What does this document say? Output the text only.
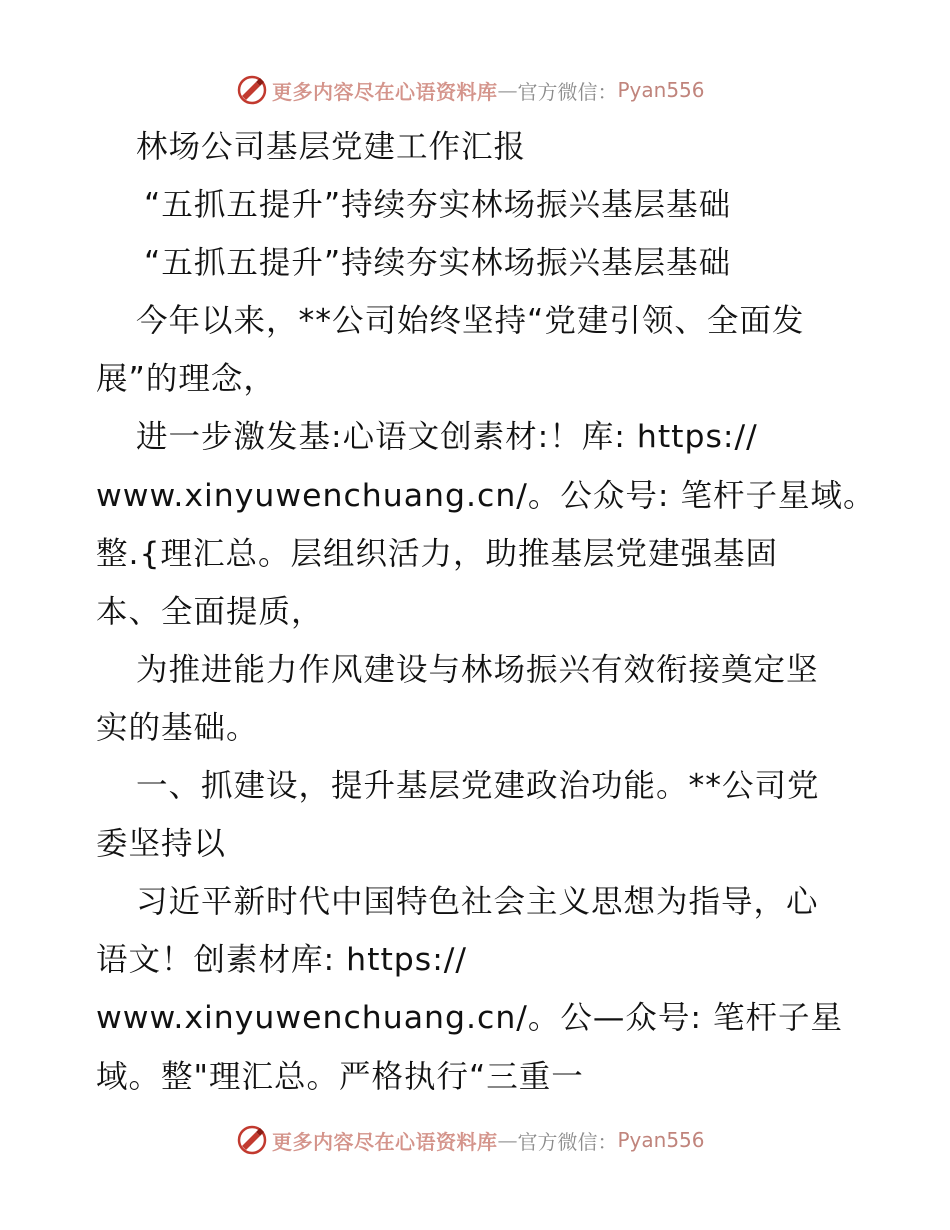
更多内容尽在心语资料库 — 官方微信： Pyan556

林场公司基层党建工作汇报

“五抓五提升”持续夯实林场振兴基层基础

“五抓五提升”持续夯实林场振兴基层基础

今年以来，**公司始终坚持“党建引领、全面发

展”的理念，

进一步激发基:心语文创素材:！库: https://

www.xinyuwenchuang.cn/。公众号: 笔杆子星域。

整.{理汇总。层组织活力，助推基层党建强基固

本、全面提质，

为推进能力作风建设与林场振兴有效衔接奠定坚

实的基础。

一、抓建设，提升基层党建政治功能。**公司党

委坚持以

习近平新时代中国特色社会主义思想为指导，心

语文！创素材库: https://

www.xinyuwenchuang.cn/。公—众号: 笔杆子星

域。整"理汇总。严格执行“三重一

更多内容尽在心语资料库 — 官方微信： Pyan556
